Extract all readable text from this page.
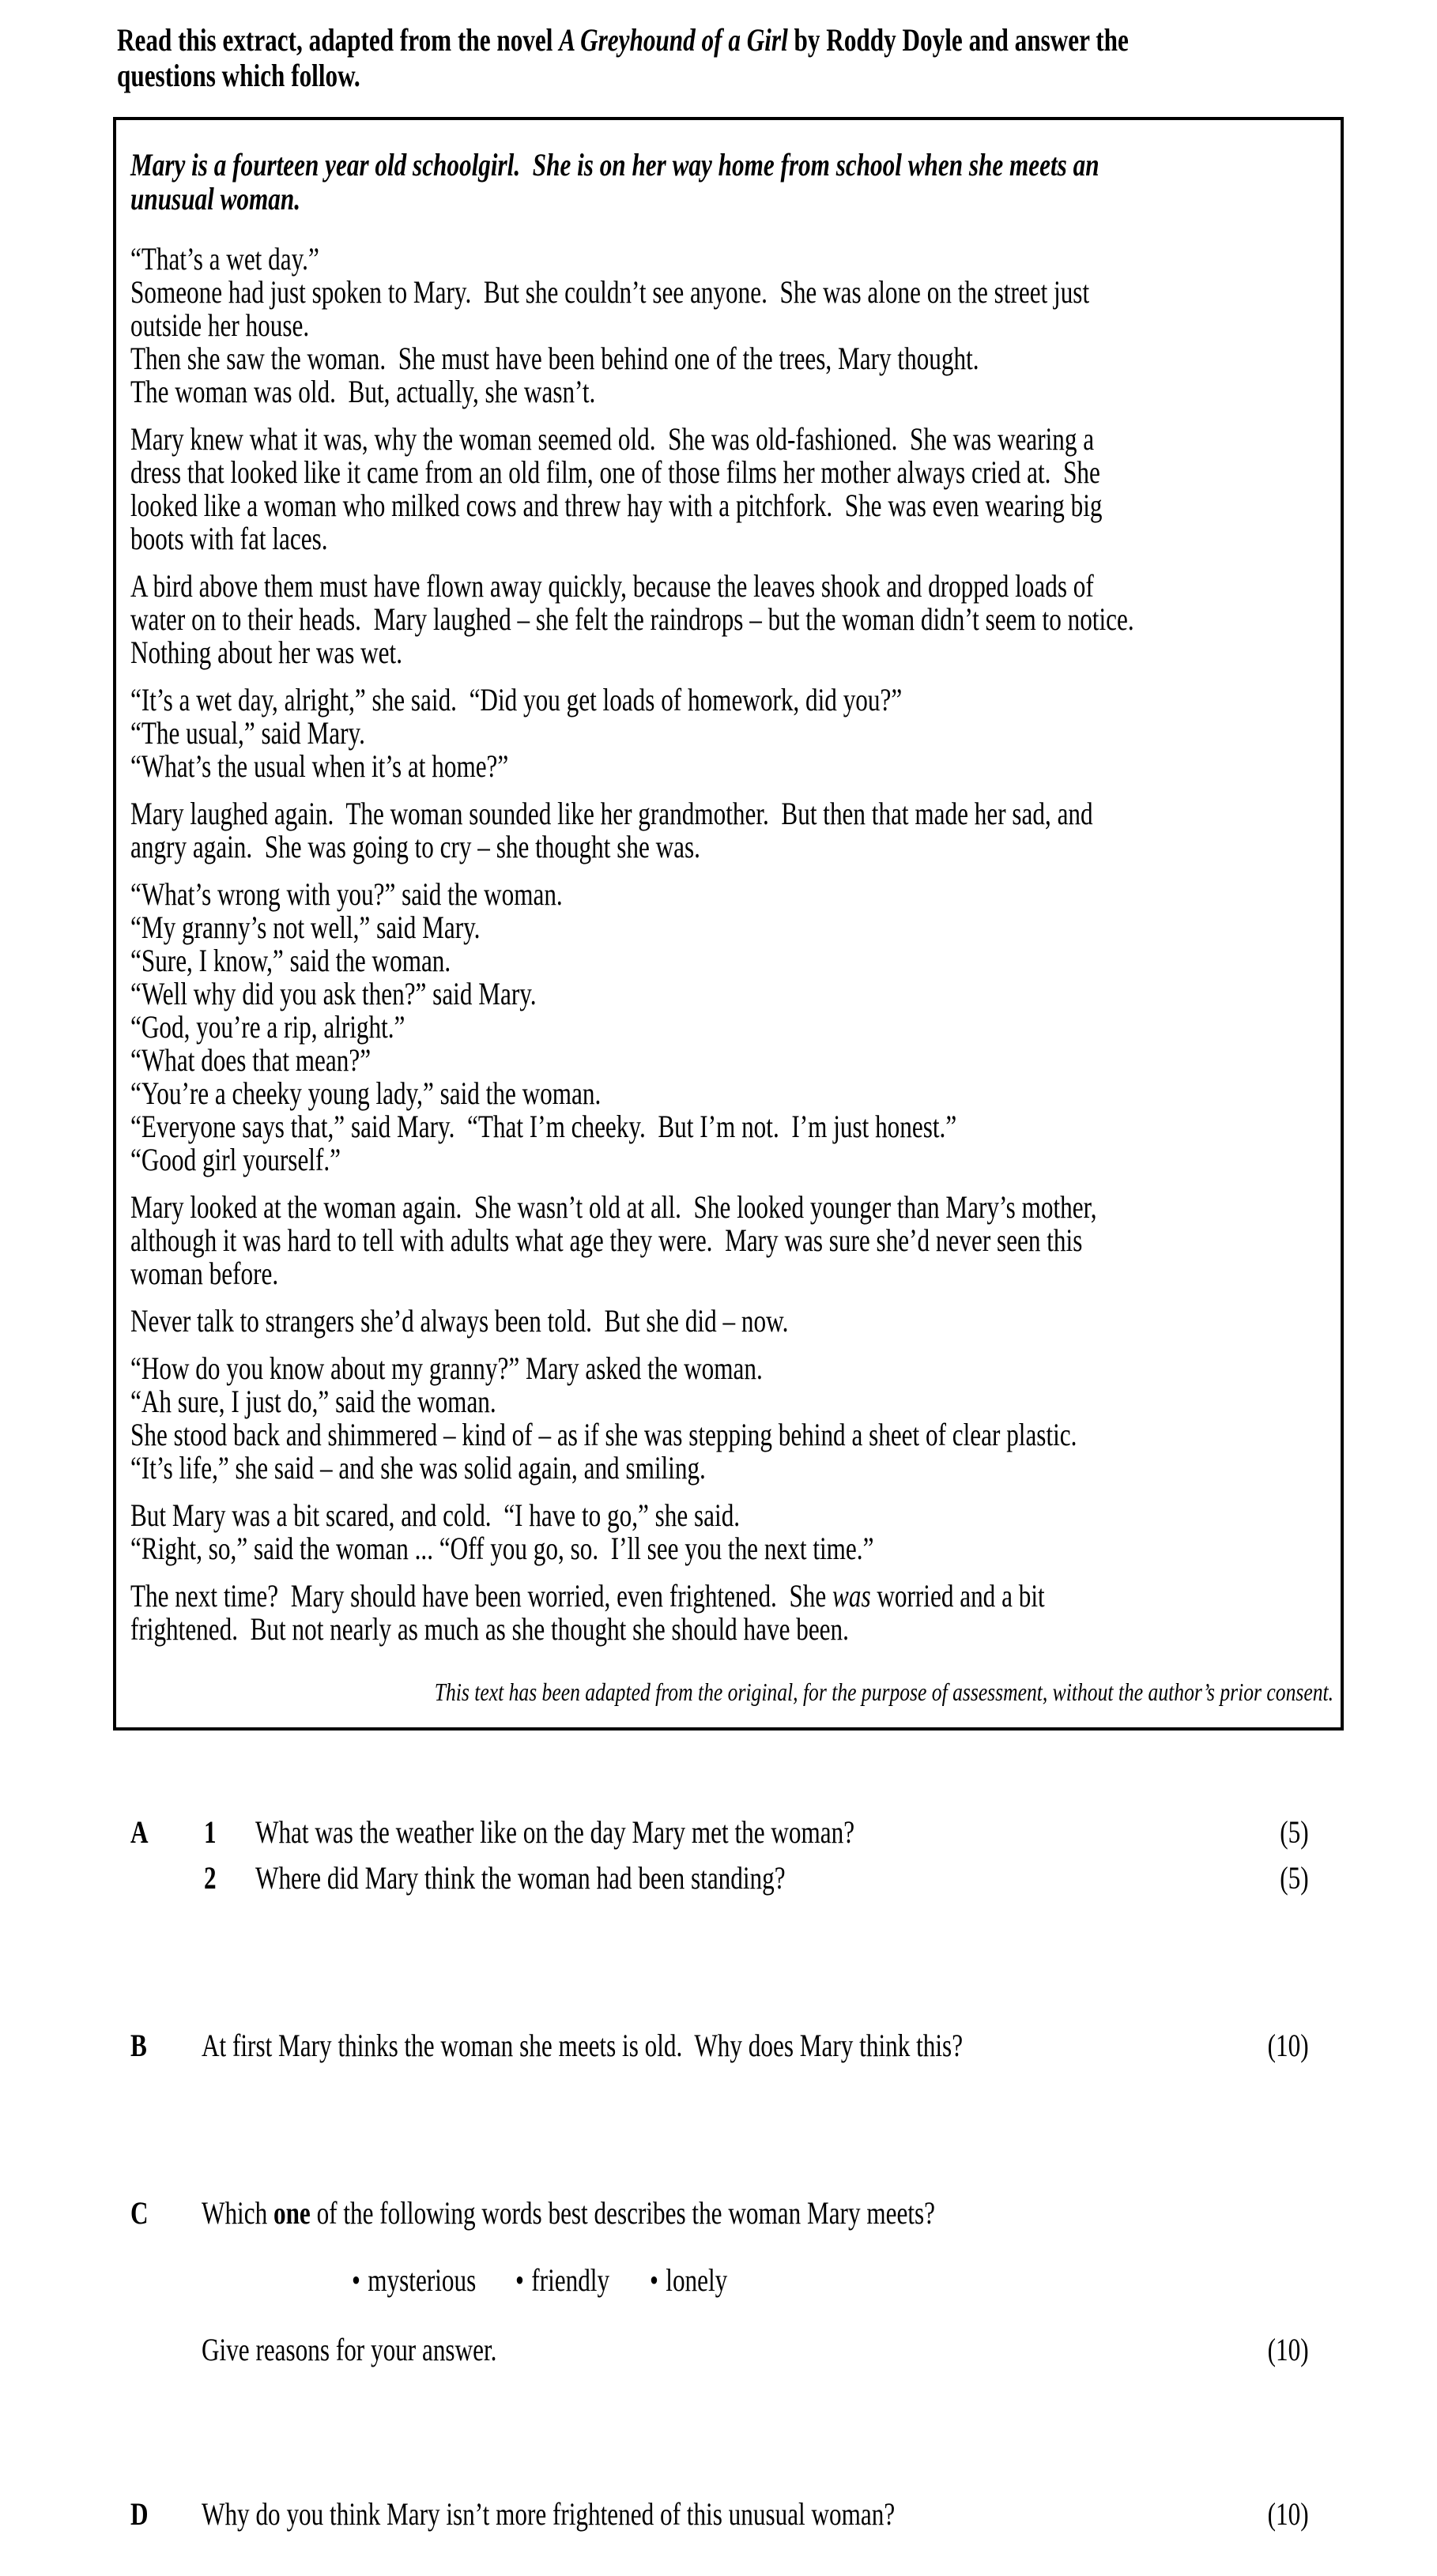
Read this extract, adapted from the novel A Greyhound of a Girl by Roddy Doyle and answer the
questions which follow.
Mary is a fourteen year old schoolgirl.  She is on her way home from school when she meets an
unusual woman.
“That’s a wet day.”
Someone had just spoken to Mary.  But she couldn’t see anyone.  She was alone on the street just
outside her house.
Then she saw the woman.  She must have been behind one of the trees, Mary thought.
The woman was old.  But, actually, she wasn’t.
Mary knew what it was, why the woman seemed old.  She was old-fashioned.  She was wearing a
dress that looked like it came from an old film, one of those films her mother always cried at.  She
looked like a woman who milked cows and threw hay with a pitchfork.  She was even wearing big
boots with fat laces.
A bird above them must have flown away quickly, because the leaves shook and dropped loads of
water on to their heads.  Mary laughed – she felt the raindrops – but the woman didn’t seem to notice.
Nothing about her was wet.
“It’s a wet day, alright,” she said.  “Did you get loads of homework, did you?”
“The usual,” said Mary.
“What’s the usual when it’s at home?”
Mary laughed again.  The woman sounded like her grandmother.  But then that made her sad, and
angry again.  She was going to cry – she thought she was.
“What’s wrong with you?” said the woman.
“My granny’s not well,” said Mary.
“Sure, I know,” said the woman.
“Well why did you ask then?” said Mary.
“God, you’re a rip, alright.”
“What does that mean?”
“You’re a cheeky young lady,” said the woman.
“Everyone says that,” said Mary.  “That I’m cheeky.  But I’m not.  I’m just honest.”
“Good girl yourself.”
Mary looked at the woman again.  She wasn’t old at all.  She looked younger than Mary’s mother,
although it was hard to tell with adults what age they were.  Mary was sure she’d never seen this
woman before.
Never talk to strangers she’d always been told.  But she did – now.
“How do you know about my granny?” Mary asked the woman.
“Ah sure, I just do,” said the woman.
She stood back and shimmered – kind of – as if she was stepping behind a sheet of clear plastic.
“It’s life,” she said – and she was solid again, and smiling.
But Mary was a bit scared, and cold.  “I have to go,” she said.
“Right, so,” said the woman ... “Off you go, so.  I’ll see you the next time.”
The next time?  Mary should have been worried, even frightened.  She was worried and a bit
frightened.  But not nearly as much as she thought she should have been.
This text has been adapted from the original, for the purpose of assessment, without the author’s prior consent.
A 1 What was the weather like on the day Mary met the woman?	(5)
2 Where did Mary think the woman had been standing?	(5)
B At first Mary thinks the woman she meets is old.  Why does Mary think this?	(10)
C Which one of the following words best describes the woman Mary meets?
• mysterious • friendly • lonely
Give reasons for your answer.	(10)
D Why do you think Mary isn’t more frightened of this unusual woman?	(10)
